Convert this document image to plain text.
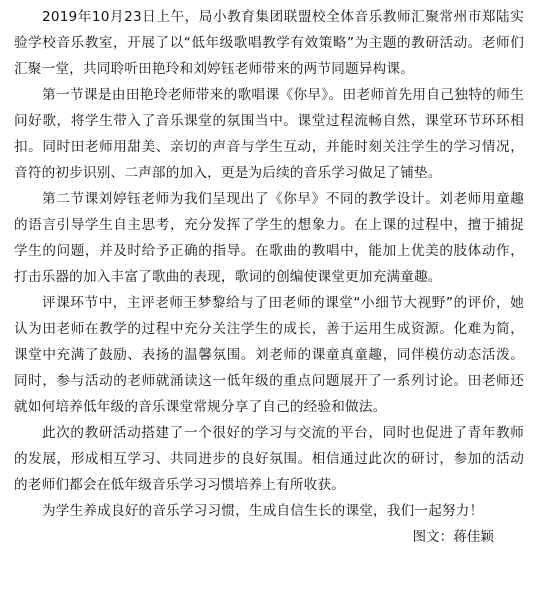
2019年10月23日上午，局小教育集团联盟校全体音乐教师汇聚常州市郑陆实验学校音乐教室，开展了以“低年级歌唱教学有效策略”为主题的教研活动。老师们汇聚一堂，共同聆听田艳玲和刘婷钰老师带来的两节同题异构课。

第一节课是由田艳玲老师带来的歌唱课《你早》。田老师首先用自己独特的师生问好歌，将学生带入了音乐课堂的氛围当中。课堂过程流畅自然，课堂环节环环相扣。同时田老师用甜美、亲切的声音与学生互动，并能时刻关注学生的学习情况，音符的初步识别、二声部的加入，更是为后续的音乐学习做足了铺垫。

第二节课刘婷钰老师为我们呈现出了《你早》不同的教学设计。刘老师用童趣的语言引导学生自主思考，充分发挥了学生的想象力。在上课的过程中，擅于捕捉学生的问题，并及时给予正确的指导。在歌曲的教唱中，能加上优美的肢体动作，打击乐器的加入丰富了歌曲的表现，歌词的创编使课堂更加充满童趣。

评课环节中，主评老师王梦黎给与了田老师的课堂“小细节大视野”的评价，她认为田老师在教学的过程中充分关注学生的成长，善于运用生成资源。化难为简，课堂中充满了鼓励、表扬的温馨氛围。刘老师的课童真童趣，同伴模仿动态活泼。同时，参与活动的老师就涌读这一低年级的重点问题展开了一系列讨论。田老师还就如何培养低年级的音乐课堂常规分享了自己的经验和做法。

此次的教研活动搭建了一个很好的学习与交流的平台，同时也促进了青年教师的发展，形成相互学习、共同进步的良好氛围。相信通过此次的研讨，参加的活动的老师们都会在低年级音乐学习习惯培养上有所收获。

为学生养成良好的音乐学习习惯，生成自信生长的课堂，我们一起努力！

图文：蒋佳颖
